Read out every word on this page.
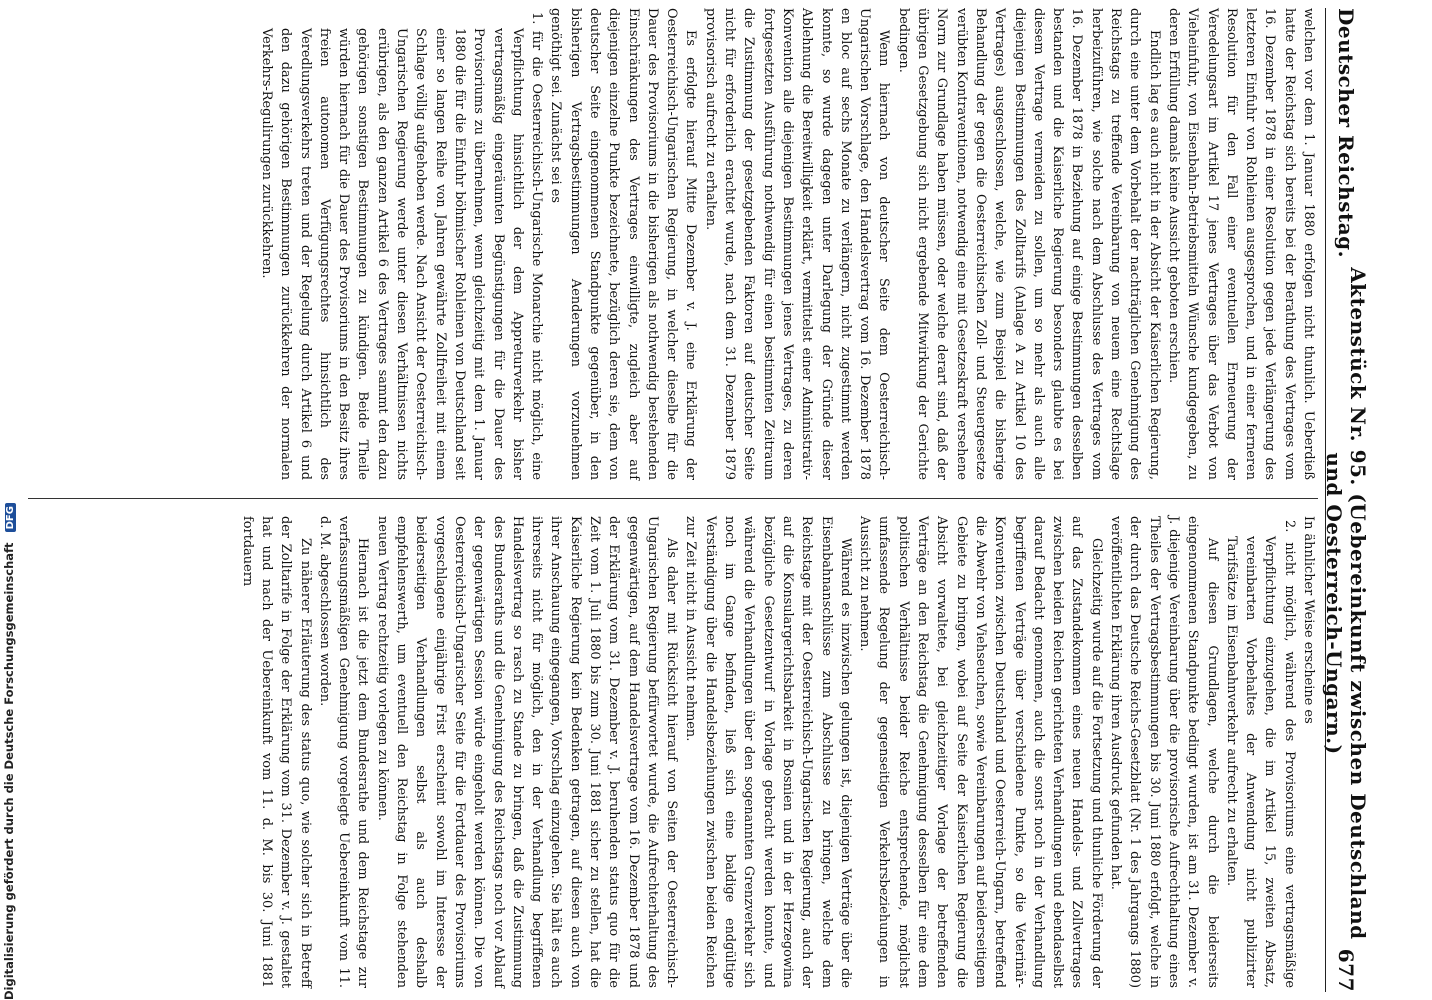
Deutscher Reichstag.
Aktenstück Nr. 95. (Uebereinkunft zwischen Deutschland und Oesterreich-Ungarn.)
677

welchen vor dem 1. Januar 1880 erfolgen nicht thunlich. Ueberdieß hatte der Reichstag sich bereits bei der Berathung des Vertrages vom 16. Dezember 1878 in einer Resolution gegen jede Verlängerung des letzteren Einfuhr von Rohleinen ausgesprochen, und in einer ferneren Resolution für den Fall einer eventuellen Erneuerung der Veredelungsart im Artikel 17 jenes Vertrages über das Verbot von Vieheinfuhr, von Eisenbahn-Betriebsmitteln Wünsche kundgegeben, zu deren Erfüllung damals keine Aussicht geboten erschien.

Endlich lag es auch nicht in der Absicht der Kaiserlichen Regierung, durch eine unter dem Vorbehalt der nachträglichen Genehmigung des Reichstags zu treffende Vereinbarung von neuem eine Rechtslage herbeizuführen, wie solche nach dem Abschlusse des Vertrages vom 16. Dezember 1878 in Beziehung auf einige Bestimmungen desselben bestanden und die Kaiserliche Regierung besonders glaubte es bei diesem Vertrage vermeiden zu sollen, um so mehr als auch alle diejenigen Bestimmungen des Zolltarifs (Anlage A zu Artikel 10 des Vertrages) ausgeschlossen, welche, wie zum Beispiel die bisherige Behandlung der gegen die Oesterreichischen Zoll- und Steuergesetze verübten Kontraventionen, notwendig eine mit Gesetzeskraft versehene Norm zur Grundlage haben müssen, oder welche derart sind, daß der übrigen Gesetzgebung sich nicht ergebende Mitwirkung der Gerichte bedingen.

Wenn hiernach von deutscher Seite dem Oesterreichisch-Ungarischen Vorschlage, den Handelsvertrag vom 16. Dezember 1878 en bloc auf sechs Monate zu verlängern, nicht zugestimmt werden konnte, so wurde dagegen unter Darlegung der Gründe dieser Ablehnung die Bereitwilligkeit erklärt, vermittelst einer Administrativ-Konvention alle diejenigen Bestimmungen jenes Vertrages, zu deren fortgesetzten Ausführung nothwendig für einen bestimmten Zeitraum die Zustimmung der gesetzgebenden Faktoren auf deutscher Seite nicht für erforderlich erachtet wurde, nach dem 31. Dezember 1879 provisorisch aufrecht zu erhalten.

Es erfolgte hierauf Mitte Dezember v. J. eine Erklärung der Oesterreichisch-Ungarischen Regierung, in welcher dieselbe für die Dauer des Provisoriums in die bisherigen als nothwendig bestehenden Einschränkungen des Vertrages einwilligte, zugleich aber auf diejenigen einzelne Punkte bezeichnete, bezüglich deren sie, dem von deutscher Seite eingenommenen Standpunkte gegenüber, in den bisherigen Vertragsbestimmungen Aenderungen vorzunehmen genöthigt sei. Zunächst sei es

1. für die Oesterreichisch-Ungarische Monarchie nicht möglich, eine Verpflichtung hinsichtlich der dem Appreturverkehr bisher vertragsmäßig eingeräumten Begünstigungen für die Dauer des Provisoriums zu übernehmen, wenn gleichzeitig mit dem 1. Januar 1880 die für die Einfuhr böhmischer Rohleinen von Deutschland seit einer so langen Reihe von Jahren gewährte Zollfreiheit mit einem Schlage völlig aufgehoben werde. Nach Ansicht der Oesterreichisch-Ungarischen Regierung werde unter diesen Verhältnissen nichts erübrigen, als den ganzen Artikel 6 des Vertrages sammt den dazu gehörigen sonstigen Bestimmungen zu kündigen. Beide Theile würden hiernach für die Dauer des Provisoriums in den Besitz ihres freien autonomen Verfügungsrechtes hinsichtlich des Veredlungsverkehrs treten und der Regelung durch Artikel 6 und den dazu gehörigen Bestimmungen zurückkehren der normalen Verkehrs-Regulirungen zurückkehren.

In ähnlicher Weise erscheine es

2. nicht möglich, während des Provisoriums eine vertragsmäßige Verpflichtung einzugehen, die im Artikel 15, zweiten Absatz, vereinbarten Vorbehaltes der Anwendung nicht publizirter Tarifsätze im Eisenbahnverkehr aufrecht zu erhalten.

Auf diesen Grundlagen, welche durch die beiderseits eingenommenen Standpunkte bedingt wurden, ist am 31. Dezember v. J. diejenige Vereinbarung über die provisorische Aufrechthaltung eines Theiles der Vertragsbestimmungen bis 30. Juni 1880 erfolgt, welche in der durch das Deutsche Reichs-Gesetzblatt (Nr. 1 des Jahrgangs 1880) veröffentlichten Erklärung ihren Ausdruck gefunden hat.

Gleichzeitig wurde auf die Fortsetzung und thunliche Förderung der auf das Zustandekommen eines neuen Handels- und Zollvertrages zwischen beiden Reichen gerichteten Verhandlungen und ebendaselbst darauf Bedacht genommen, auch die sonst noch in der Verhandlung begriffenen Verträge über verschiedene Punkte, so die Veterinär-Konvention zwischen Deutschland und Oesterreich-Ungarn, betreffend die Abwehr von Viehseuchen, sowie Vereinbarungen auf beiderseitigem Gebiete zu bringen, wobei auf Seite der Kaiserlichen Regierung die Absicht vorwaltete, bei gleichzeitiger Vorlage der betreffenden Verträge an den Reichstag die Genehmigung desselben für eine dem politischen Verhältnisse beider Reiche entsprechende, möglichst umfassende Regelung der gegenseitigen Verkehrsbeziehungen in Aussicht zu nehmen.

Während es inzwischen gelungen ist, diejenigen Verträge über die Eisenbahnanschlüsse zum Abschlusse zu bringen, welche dem Reichstage mit der Oesterreichisch-Ungarischen Regierung, auch der auf die Konsulargerichtsbarkeit in Bosnien und in der Herzegowina bezügliche Gesetzentwurf in Vorlage gebracht werden konnte, und während die Verhandlungen über den sogenannten Grenzverkehr sich noch im Gange befinden, ließ sich eine baldige endgültige Verständigung über die Handelsbeziehungen zwischen beiden Reichen zur Zeit nicht in Aussicht nehmen.

Als daher mit Rücksicht hierauf von Seiten der Oesterreichisch-Ungarischen Regierung befürwortet wurde, die Aufrechterhaltung des gegenwärtigen, auf dem Handelsvertrage vom 16. Dezember 1878 und der Erklärung vom 31. Dezember v. J. beruhenden status quo für die Zeit vom 1. Juli 1880 bis zum 30. Juni 1881 sicher zu stellen, hat die Kaiserliche Regierung kein Bedenken getragen, auf diesen auch von ihrer Anschauung eingegangen, Vorschlag einzugehen. Sie hält es auch ihrerseits nicht für möglich, den in der Verhandlung begriffenen Handelsvertrag so rasch zu Stande zu bringen, daß die Zustimmung des Bundesraths und die Genehmigung des Reichstags noch vor Ablauf der gegenwärtigen Session würde eingeholt werden können. Die von Oesterreichisch-Ungarischer Seite für die Fortdauer des Provisoriums vorgeschlagene einjährige Frist erscheint sowohl im Interesse der beiderseitigen Verhandlungen selbst als auch deshalb empfehlenswerth, um eventuell den Reichstag in Folge stehenden neuen Vertrag rechtzeitig vorlegen zu können.

Hiernach ist die jetzt dem Bundesrathe und dem Reichstage zur verfassungsmäßigen Genehmigung vorgelegte Uebereinkunft vom 11. d. M. abgeschlossen worden.

Zu näherer Erläuterung des status quo, wie solcher sich in Betreff der Zolltarife in Folge der Erklärung vom 31. Dezember v. J. gestaltet hat und nach der Uebereinkunft vom 11. d. M. bis 30. Juni 1881 fortdauern

Digitalisierung gefördert durch die Deutsche Forschungsgemeinschaft DFG
